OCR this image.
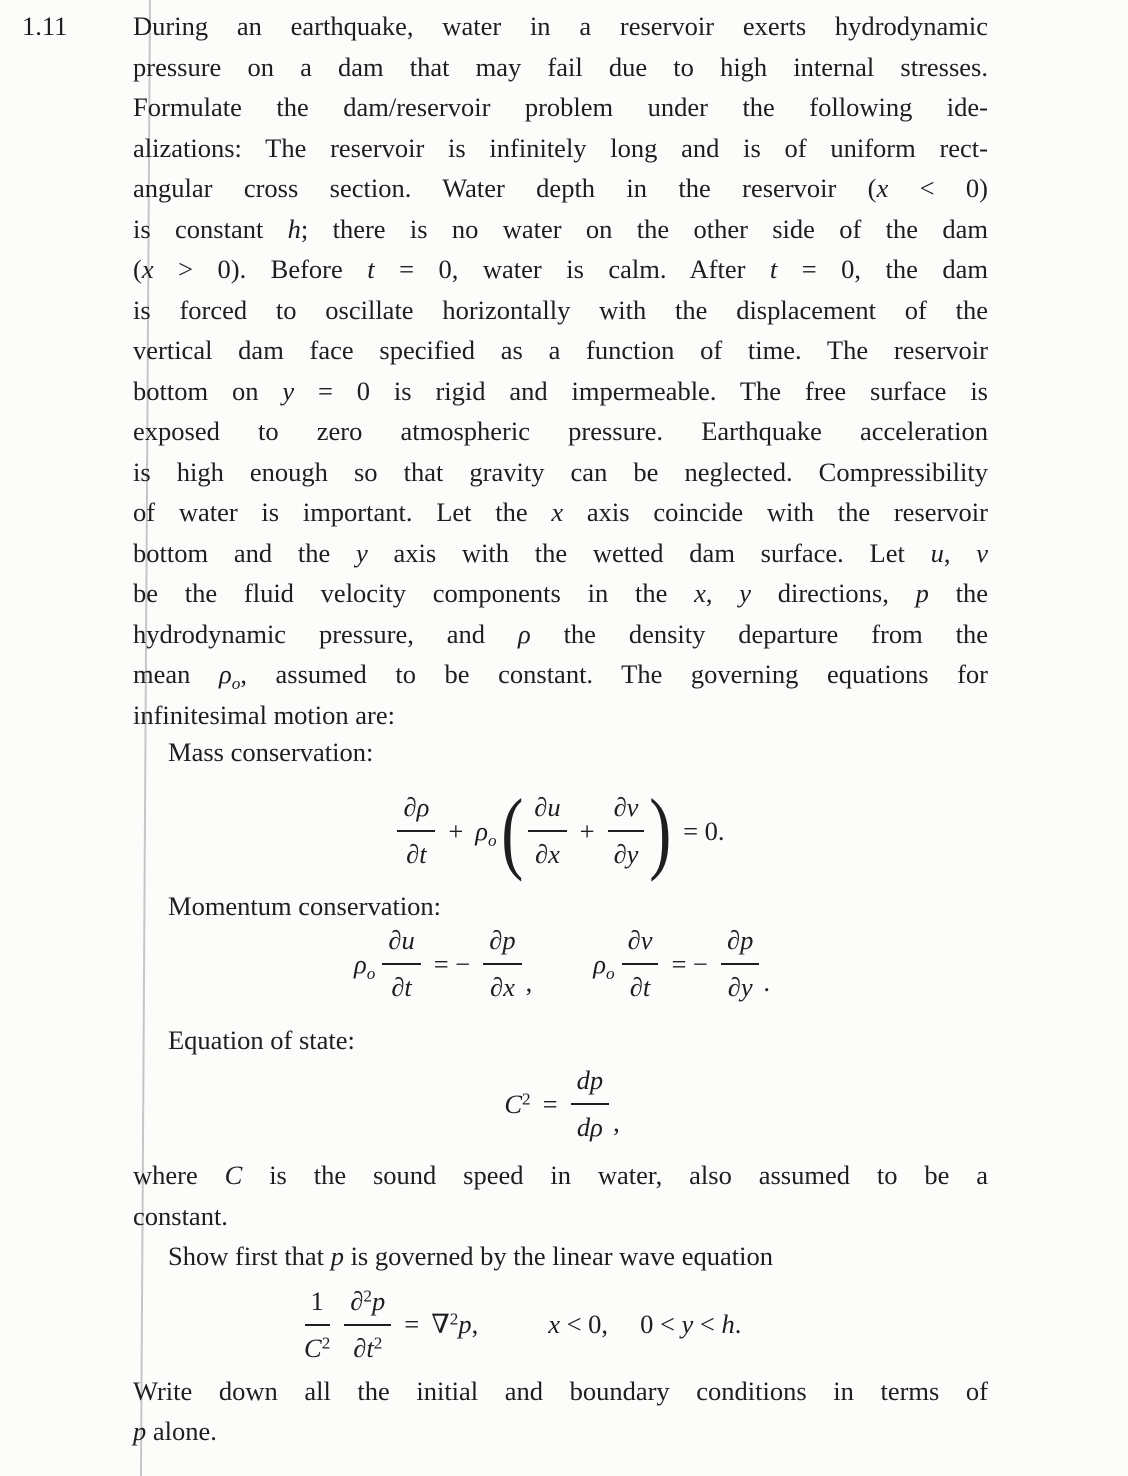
1.11 During an earthquake, water in a reservoir exerts hydrodynamic
pressure on a dam that may fail due to high internal stresses.
Formulate the dam/reservoir problem under the following ide-
alizations: The reservoir is infinitely long and is of uniform rect-
angular cross section. Water depth in the reservoir (x < 0)
is constant h; there is no water on the other side of the dam
(x > 0). Before t = 0, water is calm. After t = 0, the dam
is forced to oscillate horizontally with the displacement of the
vertical dam face specified as a function of time. The reservoir
bottom on y = 0 is rigid and impermeable. The free surface is
exposed to zero atmospheric pressure. Earthquake acceleration
is high enough so that gravity can be neglected. Compressibility
of water is important. Let the x axis coincide with the reservoir
bottom and the y axis with the wetted dam surface. Let u, v
be the fluid velocity components in the x, y directions, p the
hydrodynamic pressure, and ρ the density departure from the
mean $\rho_o$, assumed to be constant. The governing equations for
infinitesimal motion are:
Mass conservation:
$\frac{\partial\rho}{\partial t} + \rho_o$ ( $\frac{\partial u}{\partial x} + \frac{\partial v}{\partial y}$ ) = 0.
Momentum conservation:
$\rho_o \frac{\partial u}{\partial t}$ = − $\frac{\partial p}{\partial x}$ ,
$\rho_o \frac{\partial v}{\partial t}$ = − $\frac{\partial p}{\partial y}$ .
Equation of state:
$C^2 = \frac{dp}{d\rho}$ ,
where C is the sound speed in water, also assumed to be a
constant.
Show first that p is governed by the linear wave equation
$\frac{1}{C^2} \frac{\partial^2p}{\partial t^2} = \nabla^2p$,	x < 0, 0 < y < h.
Write down all the initial and boundary conditions in terms of
p alone.
